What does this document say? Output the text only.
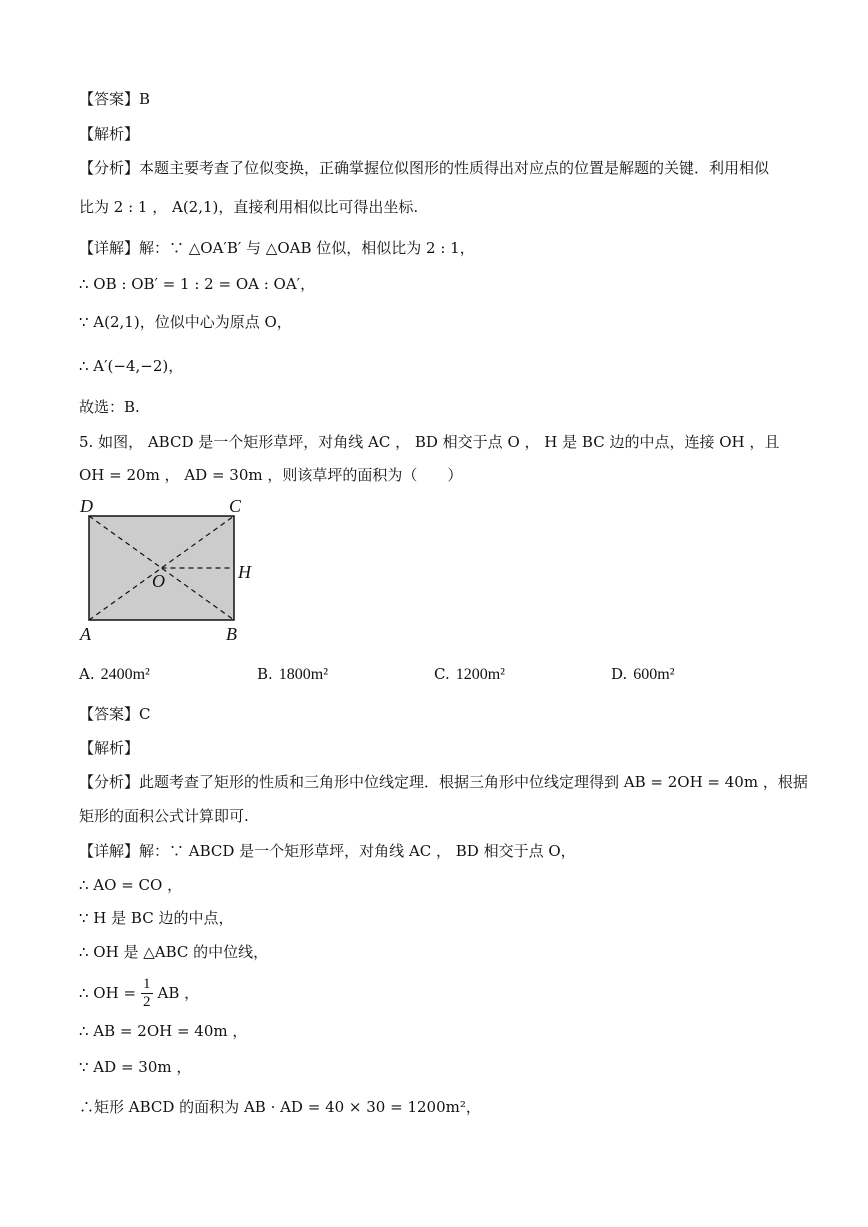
【答案】B
【解析】
【分析】本题主要考查了位似变换，正确掌握位似图形的性质得出对应点的位置是解题的关键．利用相似
比为 2 : 1 ， A(2,1)，直接利用相似比可得出坐标.
【详解】解：∵ △OA′B′ 与 △OAB 位似，相似比为 2 : 1，
∴ OB : OB′ = 1 : 2 = OA : OA′，
∵ A(2,1)，位似中心为原点 O，
∴ A′(−4,−2)，
故选：B.
5. 如图， ABCD 是一个矩形草坪，对角线 AC ， BD 相交于点 O ， H 是 BC 边的中点，连接 OH ，且
OH = 20m ， AD = 30m ，则该草坪的面积为（　　）
D	C
H
O
A	B
A. 2400m²	B. 1800m²	C. 1200m²	D. 600m²
【答案】C
【解析】
【分析】此题考查了矩形的性质和三角形中位线定理．根据三角形中位线定理得到 AB = 2OH = 40m ，根据
矩形的面积公式计算即可.
【详解】解：∵ ABCD 是一个矩形草坪，对角线 AC ， BD 相交于点 O，
∴ AO = CO ，
∵ H 是 BC 边的中点，
∴ OH 是 △ABC 的中位线，
∴ OH = $\frac{1}{2}$ AB ，
∴ AB = 2OH = 40m ，
∵ AD = 30m ，
∴矩形 ABCD 的面积为 AB · AD = 40 × 30 = 1200m²，
